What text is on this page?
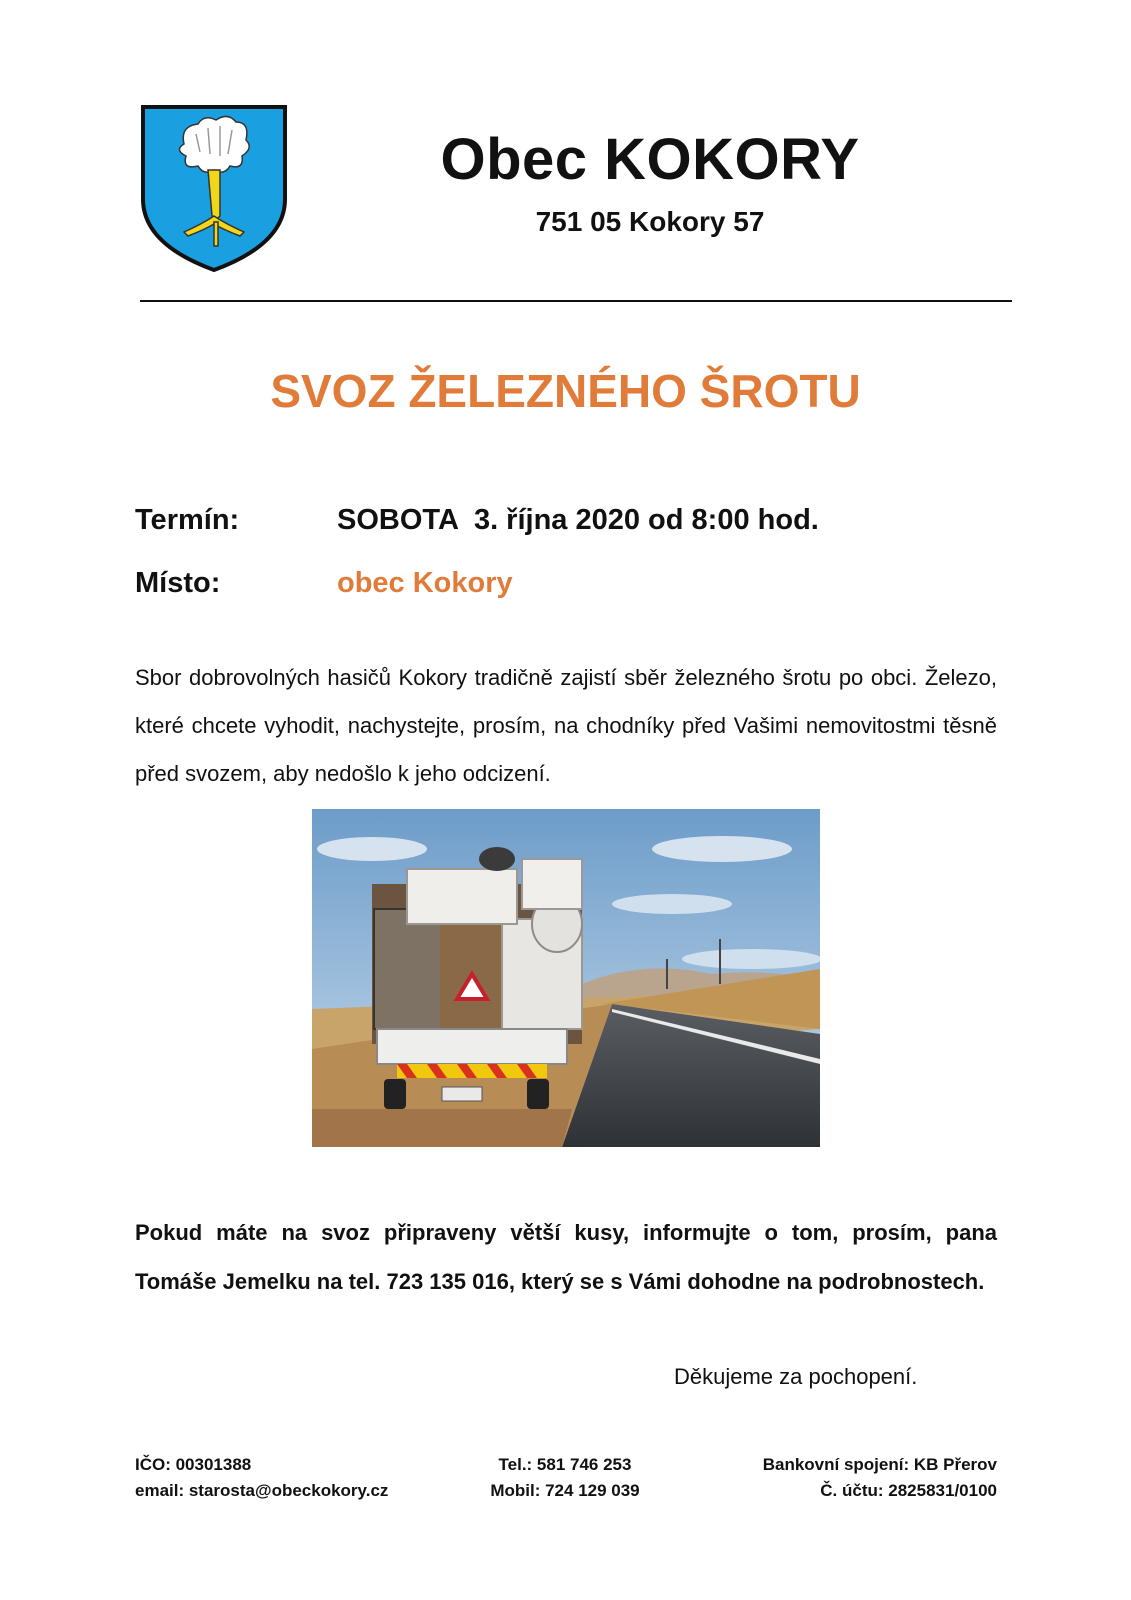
Obec KOKORY
751 05 Kokory 57
SVOZ ŽELEZNÉHO ŠROTU
Termín:	SOBOTA  3. října 2020 od 8:00 hod.
Místo:	obec Kokory
Sbor dobrovolných hasičů Kokory tradičně zajistí sběr železného šrotu po obci. Železo, které chcete vyhodit, nachystejte, prosím, na chodníky před Vašimi nemovitostmi těsně před svozem, aby nedošlo k jeho odcizení.
Pokud máte na svoz připraveny větší kusy, informujte o tom, prosím, pana Tomáše Jemelku na tel. 723 135 016, který se s Vámi dohodne na podrobnostech.
Děkujeme za pochopení.
IČO: 00301388
email: starosta@obeckokory.cz
Tel.: 581 746 253
Mobil: 724 129 039
Bankovní spojení: KB Přerov
Č. účtu: 2825831/0100
